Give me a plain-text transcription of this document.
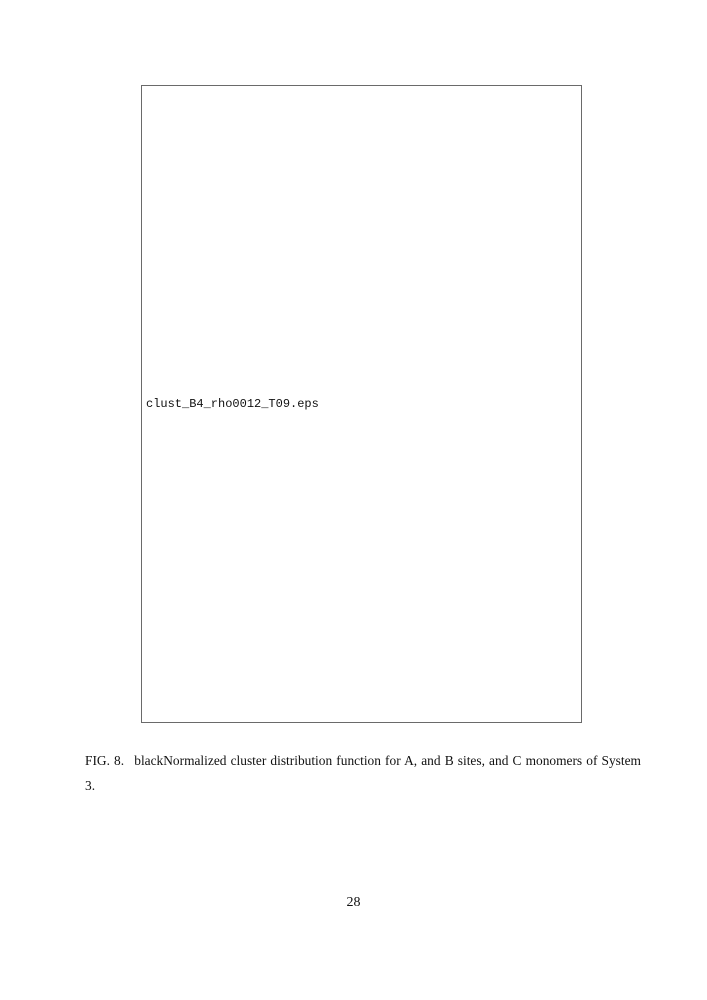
clust_B4_rho0012_T09.eps
FIG. 8. blackNormalized cluster distribution function for A, and B sites, and C monomers of System 3.
28
